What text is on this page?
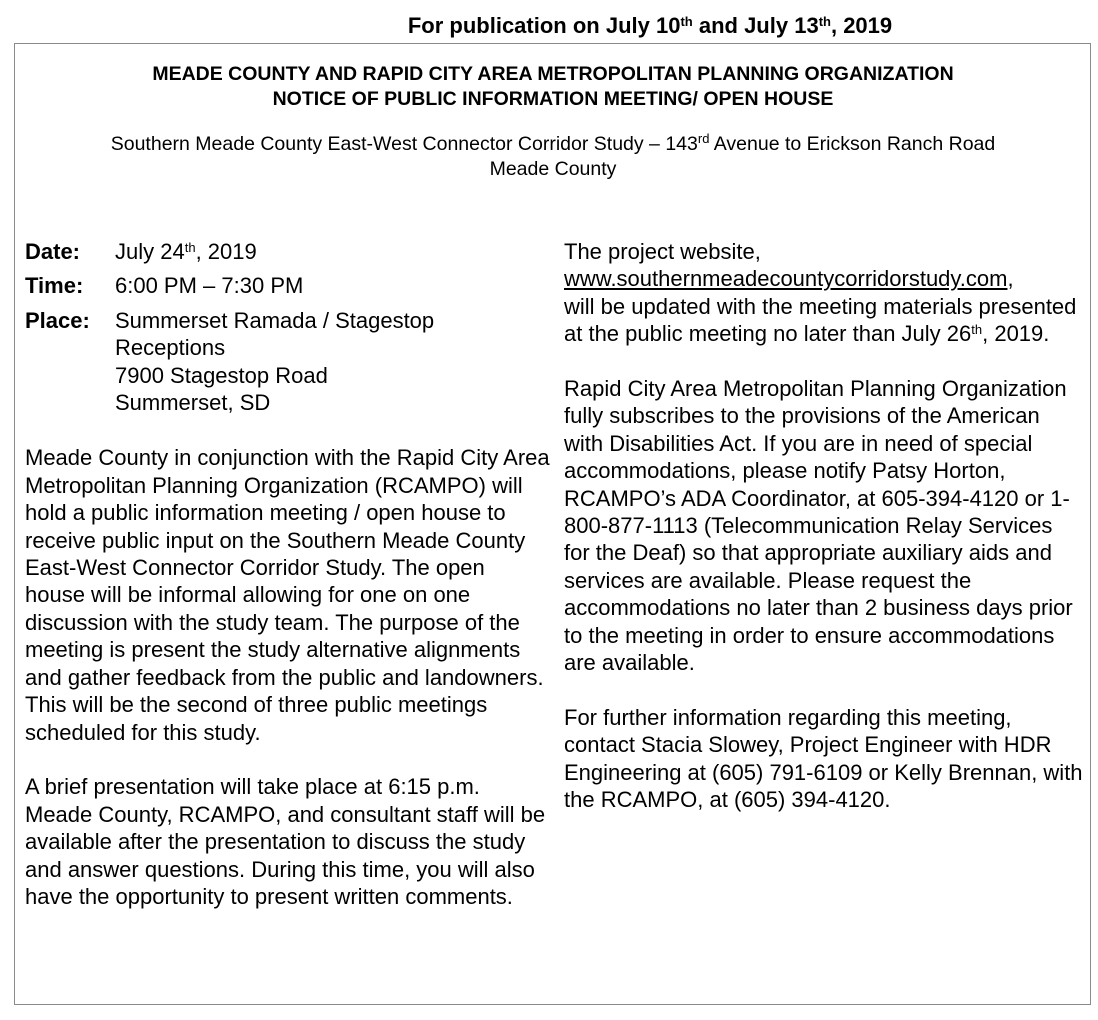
For publication on July 10th and July 13th, 2019
MEADE COUNTY AND RAPID CITY AREA METROPOLITAN PLANNING ORGANIZATION
NOTICE OF PUBLIC INFORMATION MEETING/ OPEN HOUSE
Southern Meade County East-West Connector Corridor Study – 143rd Avenue to Erickson Ranch Road
Meade County
Date:	July 24th, 2019
Time:	6:00 PM – 7:30 PM
Place:	Summerset Ramada / Stagestop
Receptions
7900 Stagestop Road
Summerset, SD

Meade County in conjunction with the Rapid City Area Metropolitan Planning Organization (RCAMPO) will hold a public information meeting / open house to receive public input on the Southern Meade County East-West Connector Corridor Study. The open house will be informal allowing for one on one discussion with the study team. The purpose of the meeting is present the study alternative alignments and gather feedback from the public and landowners. This will be the second of three public meetings scheduled for this study.

A brief presentation will take place at 6:15 p.m. Meade County, RCAMPO, and consultant staff will be available after the presentation to discuss the study and answer questions. During this time, you will also have the opportunity to present written comments.

The project website,
www.southernmeadecountycorridorstudy.com,
will be updated with the meeting materials presented at the public meeting no later than July 26th, 2019.

Rapid City Area Metropolitan Planning Organization fully subscribes to the provisions of the American with Disabilities Act. If you are in need of special accommodations, please notify Patsy Horton, RCAMPO’s ADA Coordinator, at 605-394-4120 or 1-800-877-1113 (Telecommunication Relay Services for the Deaf) so that appropriate auxiliary aids and services are available. Please request the accommodations no later than 2 business days prior to the meeting in order to ensure accommodations are available.

For further information regarding this meeting, contact Stacia Slowey, Project Engineer with HDR Engineering at (605) 791-6109 or Kelly Brennan, with the RCAMPO, at (605) 394-4120.
